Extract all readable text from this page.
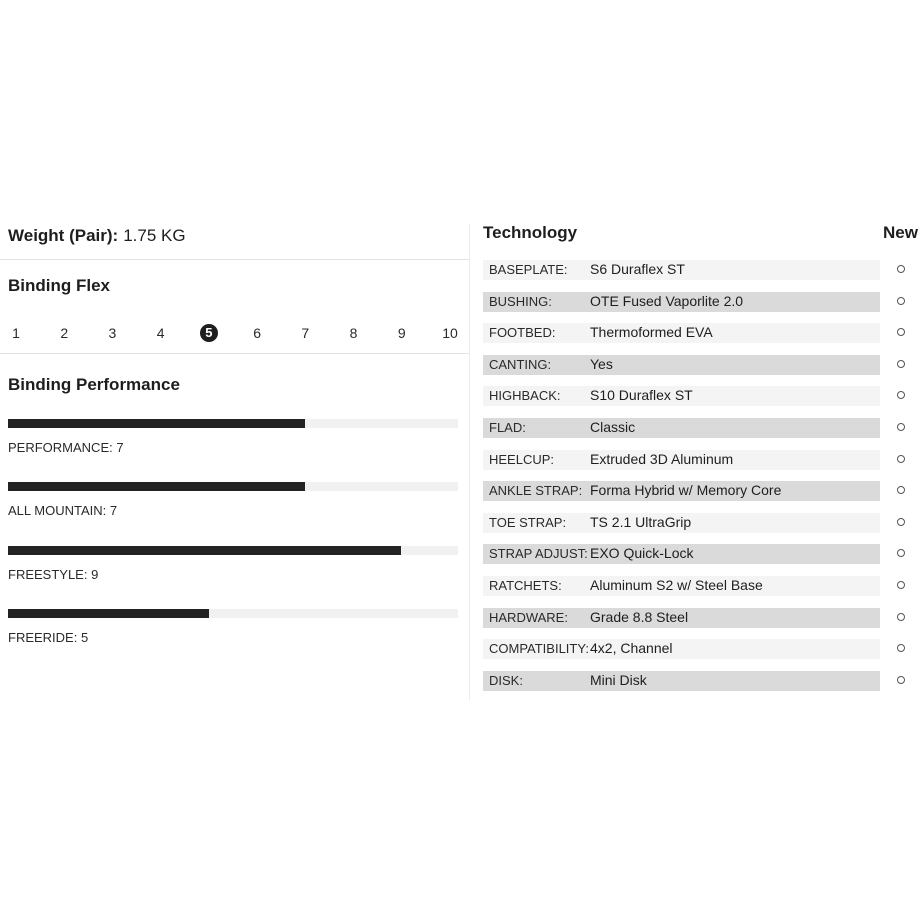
Weight (Pair): 1.75 KG
Binding Flex
1	2	3	4	5	6	7	8	9	10
Binding Performance
PERFORMANCE: 7
ALL MOUNTAIN: 7
FREESTYLE: 9
FREERIDE: 5
Technology	New
BASEPLATE: S6 Duraflex ST
BUSHING:	OTE Fused Vaporlite 2.0
FOOTBED: Thermoformed EVA
CANTING:	Yes
HIGHBACK: S10 Duraflex ST
FLAD:	Classic
HEELCUP:	Extruded 3D Aluminum
ANKLE STRAP: Forma Hybrid w/ Memory Core
TOE STRAP: TS 2.1 UltraGrip
STRAP ADJUST: EXO Quick-Lock
RATCHETS: Aluminum S2 w/ Steel Base
HARDWARE: Grade 8.8 Steel
COMPATIBILITY: 4x2, Channel
DISK:	Mini Disk
